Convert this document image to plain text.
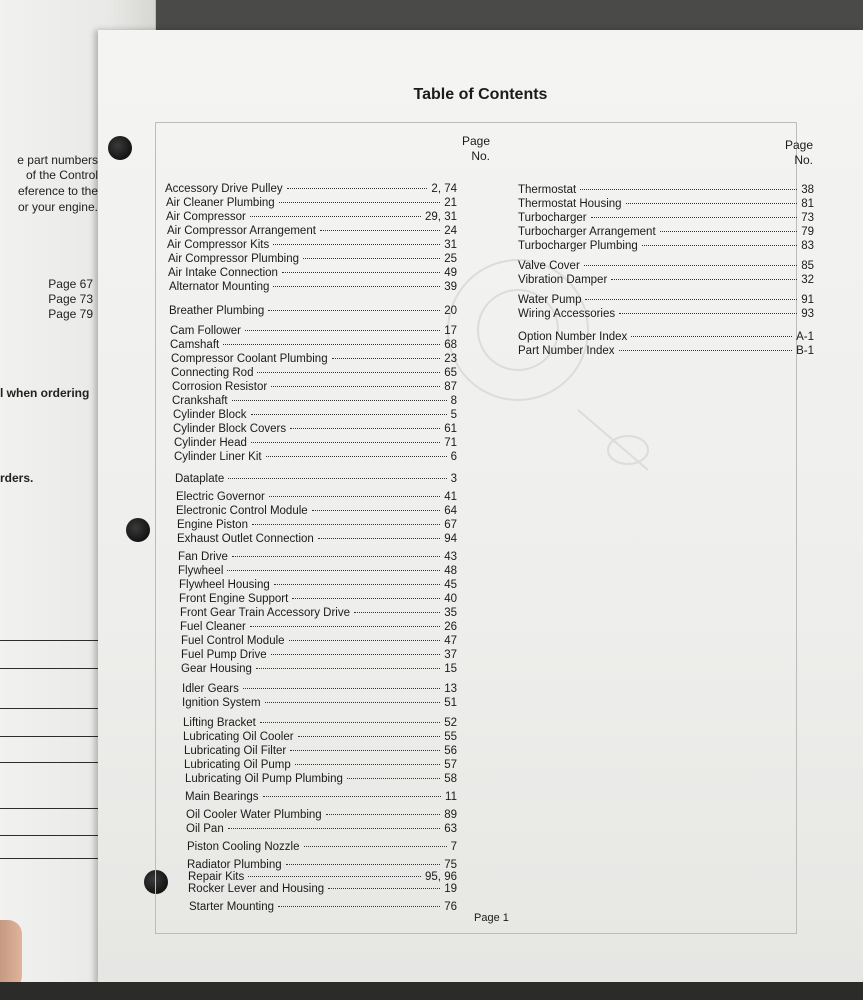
e part numbers
of the Control
eference to the
or your engine.
Page 67
Page 73
Page 79
l when ordering
rders.
Table of Contents
Page
No.
Page
No.
Accessory Drive Pulley	2, 74
Air Cleaner Plumbing	21
Air Compressor	29, 31
Air Compressor Arrangement	24
Air Compressor Kits	31
Air Compressor Plumbing	25
Air Intake Connection	49
Alternator Mounting	39
Breather Plumbing	20
Cam Follower	17
Camshaft	68
Compressor Coolant Plumbing	23
Connecting Rod	65
Corrosion Resistor	87
Crankshaft	8
Cylinder Block	5
Cylinder Block Covers	61
Cylinder Head	71
Cylinder Liner Kit	6
Dataplate	3
Electric Governor	41
Electronic Control Module	64
Engine Piston	67
Exhaust Outlet Connection	94
Fan Drive	43
Flywheel	48
Flywheel Housing	45
Front Engine Support	40
Front Gear Train Accessory Drive	35
Fuel Cleaner	26
Fuel Control Module	47
Fuel Pump Drive	37
Gear Housing	15
Idler Gears	13
Ignition System	51
Lifting Bracket	52
Lubricating Oil Cooler	55
Lubricating Oil Filter	56
Lubricating Oil Pump	57
Lubricating Oil Pump Plumbing	58
Main Bearings	11
Oil Cooler Water Plumbing	89
Oil Pan	63
Piston Cooling Nozzle	7
Radiator Plumbing	75
Repair Kits	95, 96
Rocker Lever and Housing	19
Starter Mounting	76
Thermostat	38
Thermostat Housing	81
Turbocharger	73
Turbocharger Arrangement	79
Turbocharger Plumbing	83
Valve Cover	85
Vibration Damper	32
Water Pump	91
Wiring Accessories	93
Option Number Index	A-1
Part Number Index	B-1
Page 1
